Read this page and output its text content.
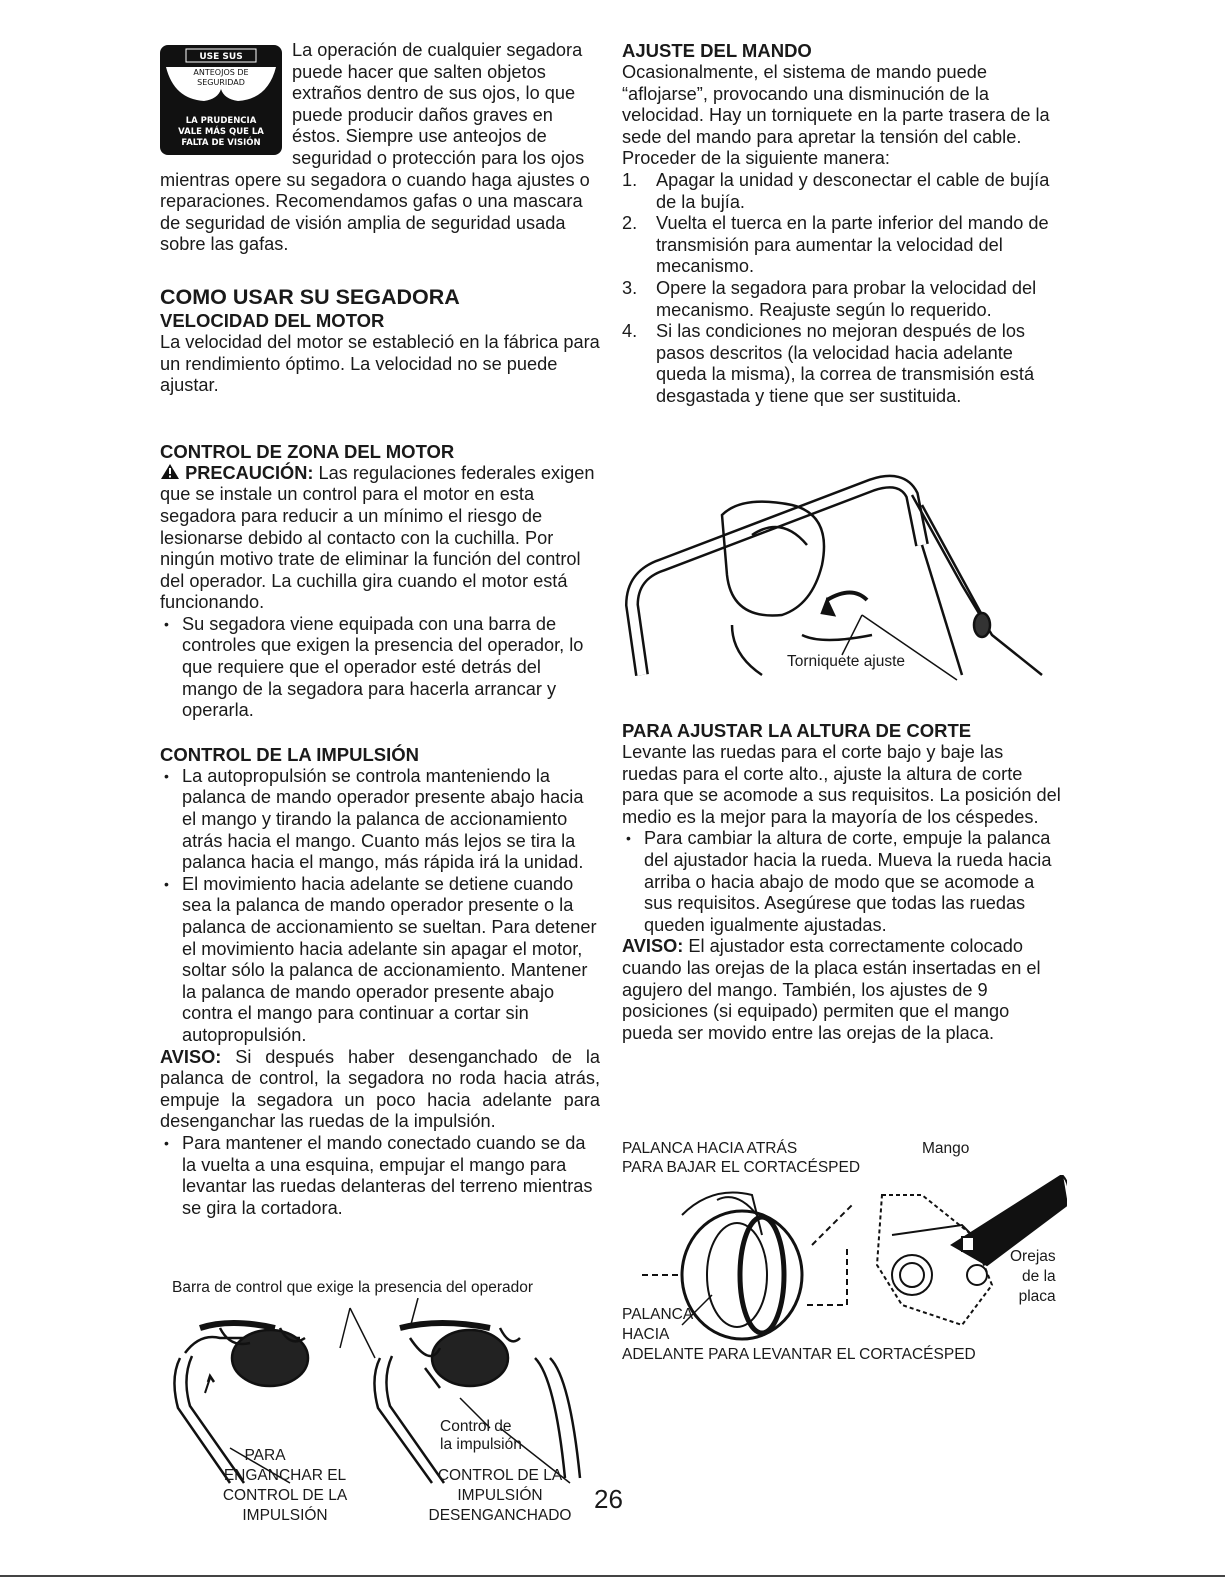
USE SUS
ANTEOJOS DE
SEGURIDAD
LA PRUDENCIA
VALE MÁS QUE LA
FALTA DE VISIÓN

La operación de cualquier segadora puede hacer que salten objetos extraños dentro de sus ojos, lo que puede producir daños graves en éstos. Siempre use anteojos de seguridad o protección para los ojos mientras opere su segadora o cuando haga ajustes o reparaciones. Recomendamos gafas o una mascara de seguridad de visión amplia de seguridad usada sobre las gafas.

COMO USAR SU SEGADORA
VELOCIDAD DEL MOTOR

La velocidad del motor se estableció en la fábrica para un rendimiento óptimo. La velocidad no se puede ajustar.

CONTROL DE ZONA DEL MOTOR

PRECAUCIÓN: Las regulaciones federales exigen que se instale un control para el motor en esta segadora para reducir a un mínimo el riesgo de lesionarse debido al contacto con la cuchilla. Por ningún motivo trate de eliminar la función del control del operador. La cuchilla gira cuando el motor está funcionando.

• Su segadora viene equipada con una barra de controles que exigen la presencia del operador, lo que requiere que el operador esté detrás del mango de la segadora para hacerla arrancar y operarla.
CONTROL DE LA IMPULSIÓN
• La autopropulsión se controla manteniendo la palanca de mando operador presente abajo hacia el mango y tirando la palanca de accionamiento atrás hacia el mango. Cuanto más lejos se tira la palanca hacia el mango, más rápida irá la unidad.
• El movimiento hacia adelante se detiene cuando sea la palanca de mando operador presente o la palanca de accionamiento se sueltan. Para detener el movimiento hacia adelante sin apagar el motor, soltar sólo la palanca de accionamiento. Mantener la palanca de mando operador presente abajo contra el mango para continuar a cortar sin autopropulsión.

AVISO: Si después haber desenganchado de la palanca de control, la segadora no roda hacia atrás, empuje la segadora un poco hacia adelante para desenganchar las ruedas de la impulsión.

• Para mantener el mando conectado cuando se da la vuelta a una esquina, empujar el mango para levantar las ruedas delanteras del terreno mientras se gira la cortadora.
Barra de control que exige la presencia del operador
Control de
la impulsión
PARA
ENGANCHAR EL
CONTROL DE LA
IMPULSIÓN
CONTROL DE LA
IMPULSIÓN
DESENGANCHADO
AJUSTE DEL MANDO

Ocasionalmente, el sistema de mando puede “aflojarse”, provocando una disminución de la velocidad. Hay un torniquete en la parte trasera de la sede del mando para apretar la tensión del cable. Proceder de la siguiente manera:

1. Apagar la unidad y desconectar el cable de bujía de la bujía.
2. Vuelta el tuerca en la parte inferior del mando de transmisión para aumentar la velocidad del mecanismo.
3. Opere la segadora para probar la velocidad del mecanismo. Reajuste según lo requerido.
4. Si las condiciones no mejoran después de los pasos descritos (la velocidad hacia adelante queda la misma), la correa de transmisión está desgastada y tiene que ser sustituida.
Torniquete ajuste
PARA AJUSTAR LA ALTURA DE CORTE

Levante las ruedas para el corte bajo y baje las ruedas para el corte alto., ajuste la altura de corte para que se acomode a sus requisitos. La posición del medio es la mejor para la mayoría de los céspedes.

• Para cambiar la altura de corte, empuje la palanca del ajustador hacia la rueda. Mueva la rueda hacia arriba o hacia abajo de modo que se acomode a sus requisitos. Asegúrese que todas las ruedas queden igualmente ajustadas.

AVISO: El ajustador esta correctamente colocado cuando las orejas de la placa están insertadas en el agujero del mango. También, los ajustes de 9 posiciones (si equipado) permiten que el mango pueda ser movido entre las orejas de la placa.

PALANCA HACIA ATRÁS
PARA BAJAR EL CORTACÉSPED
Mango
Orejas
de la
placa
PALANCA
HACIA
ADELANTE PARA LEVANTAR EL CORTACÉSPED
26
